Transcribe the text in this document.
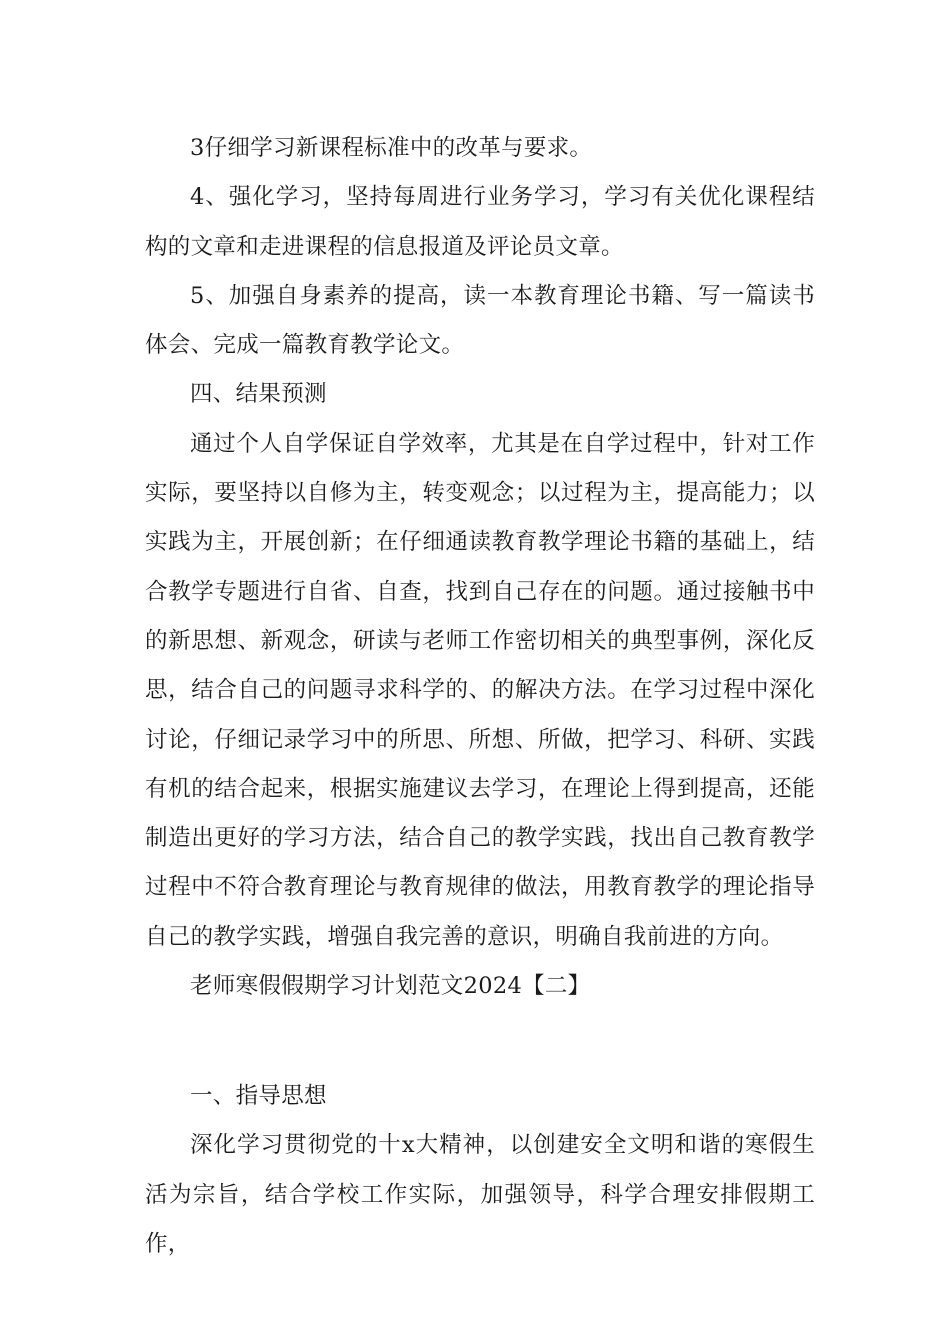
3仔细学习新课程标准中的改革与要求。

4、强化学习，坚持每周进行业务学习，学习有关优化课程结构的文章和走进课程的信息报道及评论员文章。

5、加强自身素养的提高，读一本教育理论书籍、写一篇读书体会、完成一篇教育教学论文。

四、结果预测

通过个人自学保证自学效率，尤其是在自学过程中，针对工作实际，要坚持以自修为主，转变观念；以过程为主，提高能力；以实践为主，开展创新；在仔细通读教育教学理论书籍的基础上，结合教学专题进行自省、自查，找到自己存在的问题。通过接触书中的新思想、新观念，研读与老师工作密切相关的典型事例，深化反思，结合自己的问题寻求科学的、的解决方法。在学习过程中深化讨论，仔细记录学习中的所思、所想、所做，把学习、科研、实践有机的结合起来，根据实施建议去学习，在理论上得到提高，还能制造出更好的学习方法，结合自己的教学实践，找出自己教育教学过程中不符合教育理论与教育规律的做法，用教育教学的理论指导自己的教学实践，增强自我完善的意识，明确自我前进的方向。

老师寒假假期学习计划范文2024【二】

一、指导思想

深化学习贯彻党的十x大精神，以创建安全文明和谐的寒假生活为宗旨，结合学校工作实际，加强领导，科学合理安排假期工作，
